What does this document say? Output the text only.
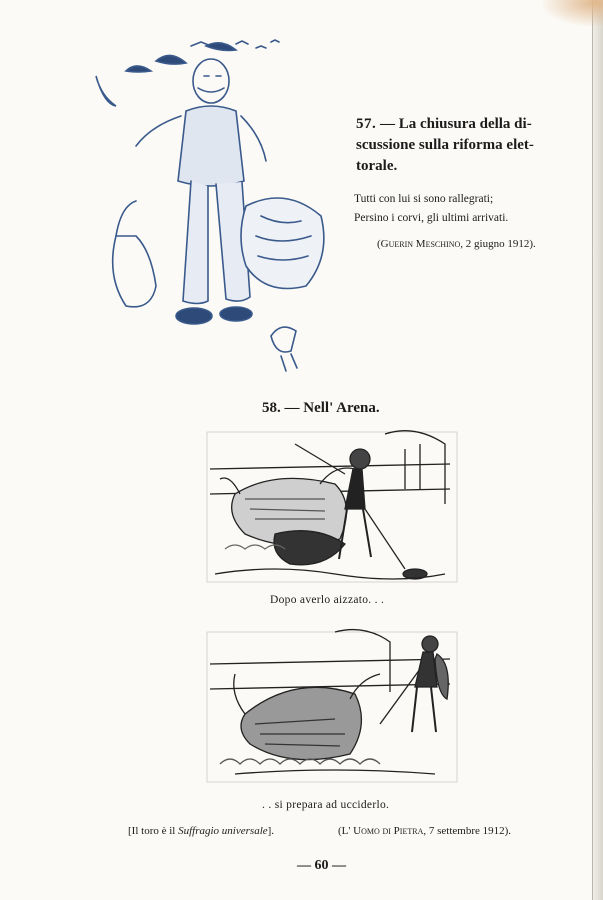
57. — La chiusura della di-
scussione sulla riforma elet-
torale.
Tutti con lui si sono rallegrati;
Persino i corvi, gli ultimi arrivati.
(Guerin Meschino, 2 giugno 1912).
58. — Nell' Arena.
Dopo averlo aizzato. . .
. . si prepara ad ucciderlo.
[Il toro è il Suffragio universale].	(L' Uomo di Pietra, 7 settembre 1912).
— 60 —
